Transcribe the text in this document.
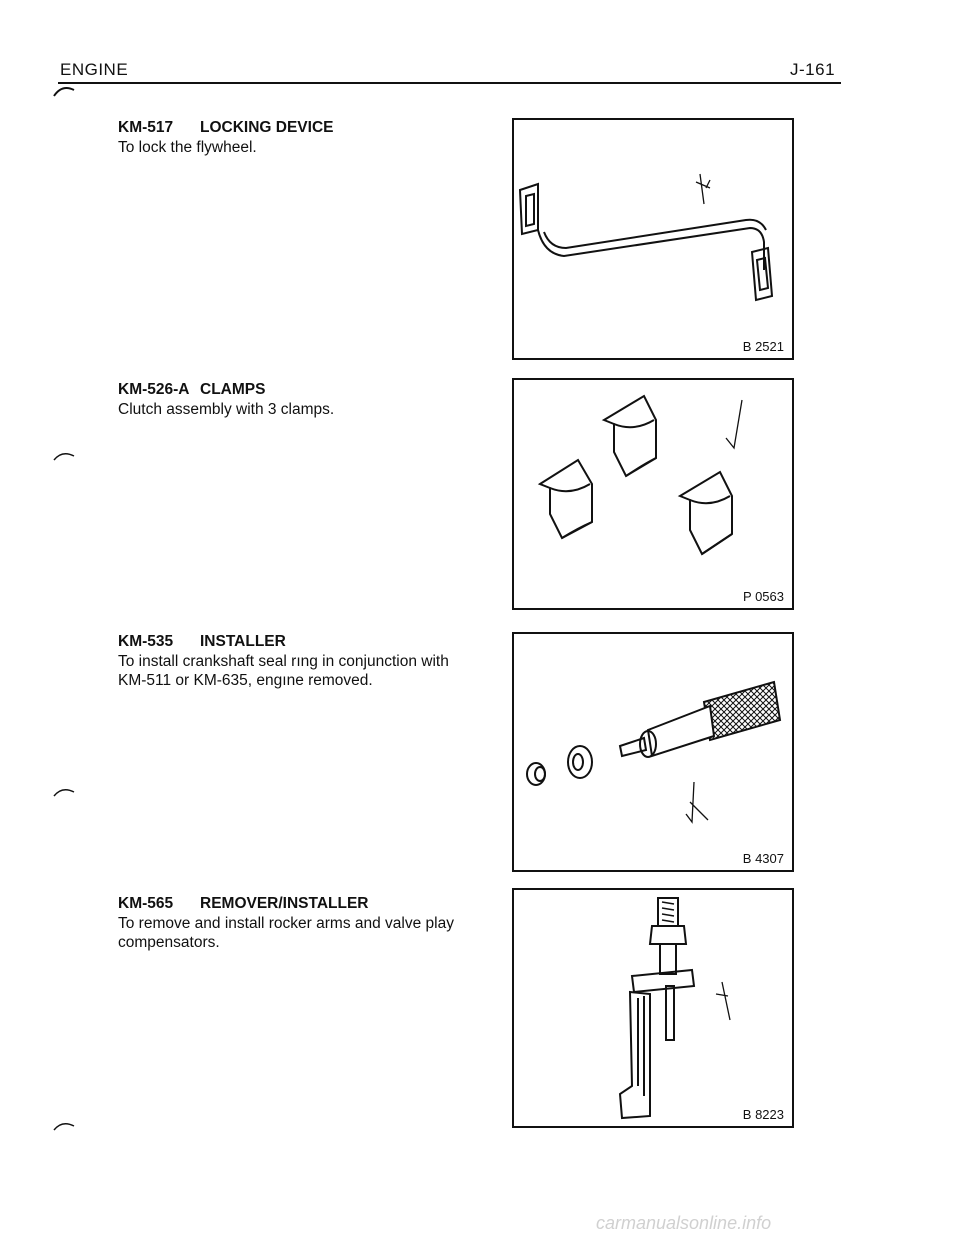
ENGINE	J-161
KM-517	LOCKING DEVICE
To lock the flywheel.
B 2521
KM-526-A CLAMPS
Clutch assembly with 3 clamps.
P 0563
KM-535	INSTALLER
To install crankshaft seal rıng in conjunction with KM-511 or KM-635, engıne removed.
B 4307
KM-565	REMOVER/INSTALLER
To remove and install rocker arms and valve play compensators.
B 8223
carmanualsonline.info
